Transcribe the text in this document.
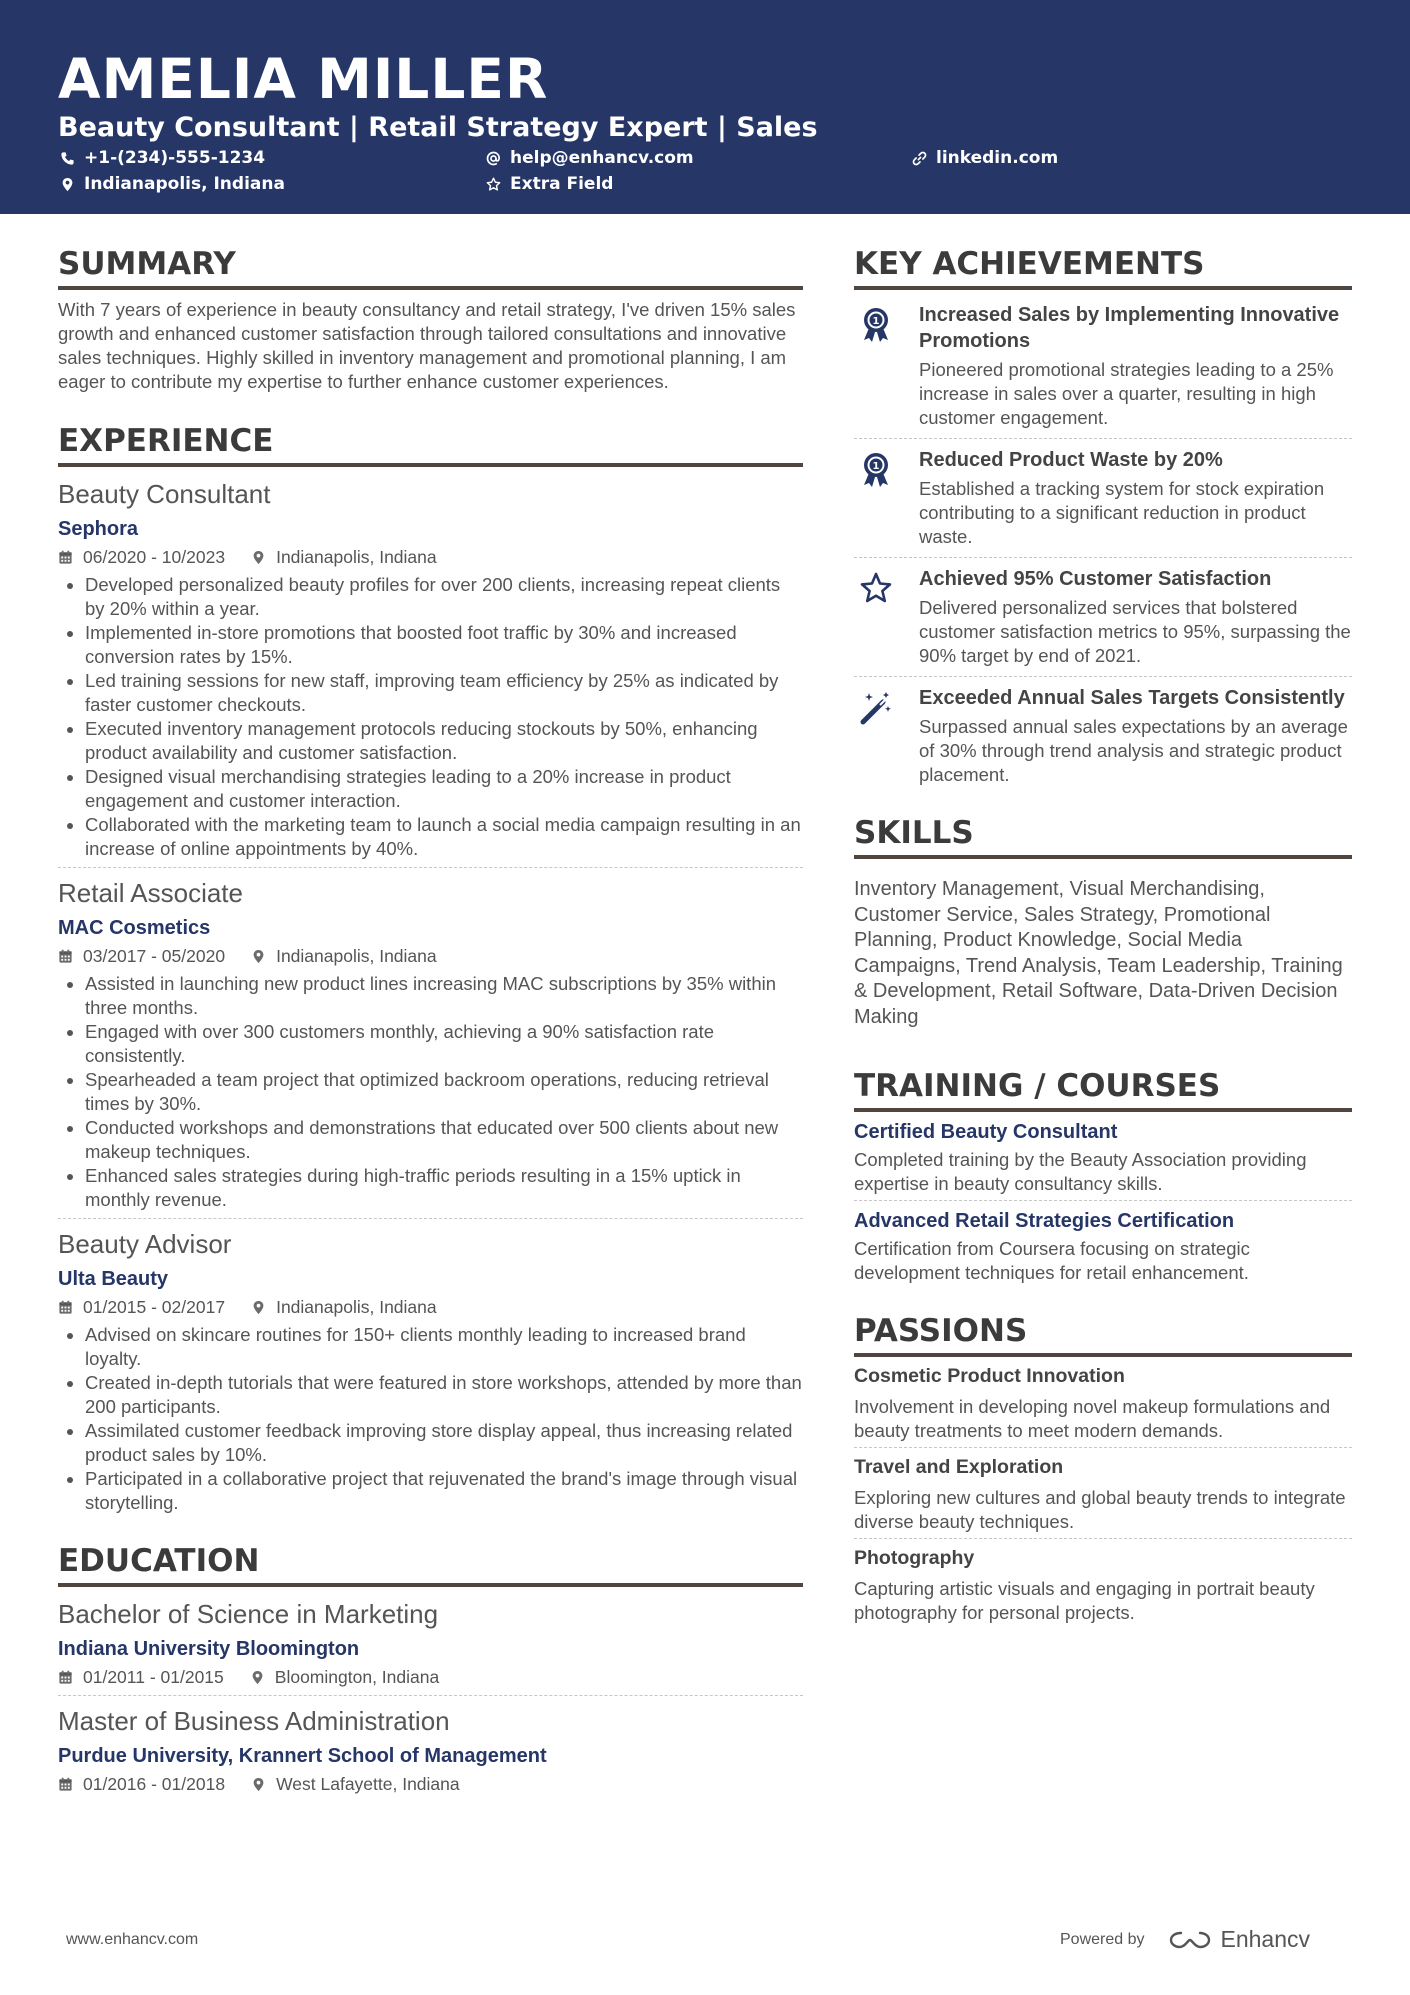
AMELIA MILLER
Beauty Consultant | Retail Strategy Expert | Sales
+1-(234)-555-1234	help@enhancv.com	linkedin.com
Indianapolis, Indiana	Extra Field
SUMMARY
With 7 years of experience in beauty consultancy and retail strategy, I've driven 15% sales growth and enhanced customer satisfaction through tailored consultations and innovative sales techniques. Highly skilled in inventory management and promotional planning, I am eager to contribute my expertise to further enhance customer experiences.
EXPERIENCE
Beauty Consultant
Sephora
06/2020 - 10/2023	Indianapolis, Indiana
• Developed personalized beauty profiles for over 200 clients, increasing repeat clients by 20% within a year.
• Implemented in-store promotions that boosted foot traffic by 30% and increased conversion rates by 15%.
• Led training sessions for new staff, improving team efficiency by 25% as indicated by faster customer checkouts.
• Executed inventory management protocols reducing stockouts by 50%, enhancing product availability and customer satisfaction.
• Designed visual merchandising strategies leading to a 20% increase in product engagement and customer interaction.
• Collaborated with the marketing team to launch a social media campaign resulting in an increase of online appointments by 40%.
Retail Associate
MAC Cosmetics
03/2017 - 05/2020	Indianapolis, Indiana
• Assisted in launching new product lines increasing MAC subscriptions by 35% within three months.
• Engaged with over 300 customers monthly, achieving a 90% satisfaction rate consistently.
• Spearheaded a team project that optimized backroom operations, reducing retrieval times by 30%.
• Conducted workshops and demonstrations that educated over 500 clients about new makeup techniques.
• Enhanced sales strategies during high-traffic periods resulting in a 15% uptick in monthly revenue.
Beauty Advisor
Ulta Beauty
01/2015 - 02/2017	Indianapolis, Indiana
• Advised on skincare routines for 150+ clients monthly leading to increased brand loyalty.
• Created in-depth tutorials that were featured in store workshops, attended by more than 200 participants.
• Assimilated customer feedback improving store display appeal, thus increasing related product sales by 10%.
• Participated in a collaborative project that rejuvenated the brand's image through visual storytelling.
EDUCATION
Bachelor of Science in Marketing
Indiana University Bloomington
01/2011 - 01/2015	Bloomington, Indiana
Master of Business Administration
Purdue University, Krannert School of Management
01/2016 - 01/2018	West Lafayette, Indiana
KEY ACHIEVEMENTS
1 Increased Sales by Implementing Innovative Promotions
Pioneered promotional strategies leading to a 25% increase in sales over a quarter, resulting in high customer engagement.
1 Reduced Product Waste by 20%
Established a tracking system for stock expiration contributing to a significant reduction in product waste.
Achieved 95% Customer Satisfaction
Delivered personalized services that bolstered customer satisfaction metrics to 95%, surpassing the 90% target by end of 2021.
Exceeded Annual Sales Targets Consistently
Surpassed annual sales expectations by an average of 30% through trend analysis and strategic product placement.
SKILLS
Inventory Management, Visual Merchandising, Customer Service, Sales Strategy, Promotional Planning, Product Knowledge, Social Media Campaigns, Trend Analysis, Team Leadership, Training & Development, Retail Software, Data-Driven Decision Making
TRAINING / COURSES
Certified Beauty Consultant
Completed training by the Beauty Association providing expertise in beauty consultancy skills.
Advanced Retail Strategies Certification
Certification from Coursera focusing on strategic development techniques for retail enhancement.
PASSIONS
Cosmetic Product Innovation
Involvement in developing novel makeup formulations and beauty treatments to meet modern demands.
Travel and Exploration
Exploring new cultures and global beauty trends to integrate diverse beauty techniques.
Photography
Capturing artistic visuals and engaging in portrait beauty photography for personal projects.
www.enhancv.com	Powered by	Enhancv
